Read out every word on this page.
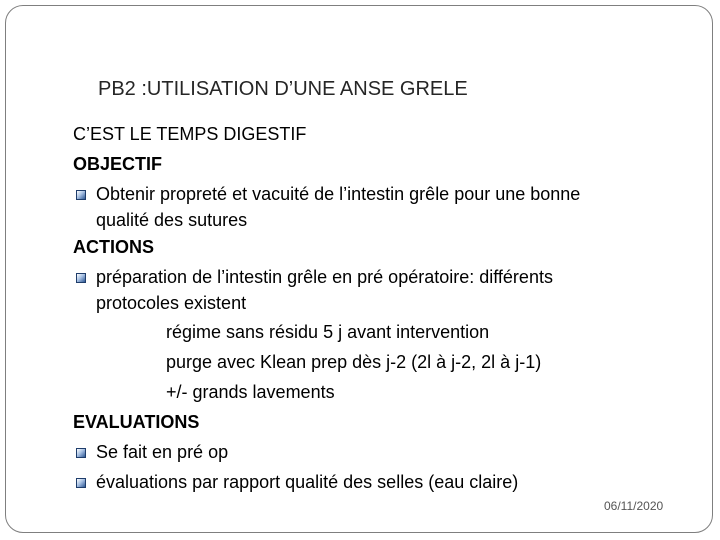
PB2 :UTILISATION D’UNE ANSE GRELE
C’EST LE TEMPS DIGESTIF
OBJECTIF
Obtenir propreté et vacuité de l’intestin grêle pour une bonne
qualité des sutures
ACTIONS
préparation de l’intestin grêle en pré opératoire: différents
protocoles existent
régime sans résidu 5 j avant intervention
purge avec Klean prep dès j-2 (2l à j-2, 2l à j-1)
+/- grands lavements
EVALUATIONS
Se fait en pré op
évaluations par rapport qualité des selles (eau claire)
06/11/2020
